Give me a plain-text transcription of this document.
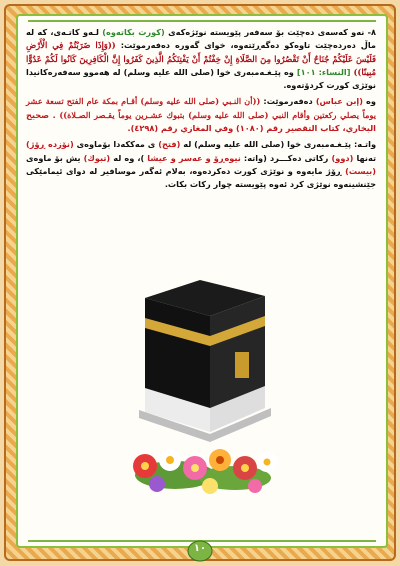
٨- نەو كەسەى دەچێت بۆ سەفەر پێویستە نوێژەكەى (كورت بكاتەوە) لـەو كاتـەى، كە لە ماڵ دەردەچێت تاوەكو دەگەڕێتەوە، خواى گەورە دەفەرموێت: ((وَإِذَا ضَرَبْتُمْ فِي الْأَرْضِ فَلَيْسَ عَلَيْكُمْ جُنَاحٌ أَنْ تَقْصُرُوا مِنَ الصَّلَاةِ إِنْ خِفْتُمْ أَنْ يَفْتِنَكُمُ الَّذِينَ كَفَرُوا إِنَّ الْكَافِرِينَ كَانُوا لَكُمْ عَدُوًّا مُبِينًا)) [النساء: ١٠١] وە پێـغـەمبەرى خوا (صلى الله عليه وسلم) لە هەموو سەفەرەكانیدا نوێژى كورت كردۆتەوە.

وە (إبن عباس) دەفەرموێت: ((أن النـبي (صلى الله عليه وسلم) أقـام بمكة عام الفتح تسعة عشر يوماً يصلي ركعتين وأقام النبي (صلى الله عليه وسلم) بتبوك عشـرين يوماً يقـصر الصـلاة)) . صحيح البخاري، كتاب التقصير رقم (١٠٨٠) وفي المغازي رقم (٤٢٩٨).

واتـە: پێـغـەمبەرى خوا (صلى الله عليه وسلم) لە (فتح) ى مەككەدا بۆماوەى (نۆزدە ڕۆژ) تەنها (دوو) ركاتى دەكـــرد (واتە: نیوەڕۆ و عەسر و عیشا )، وە لە (تبوك) یش بۆ ماوەى (بیست) ڕۆژ مایەوە و نوێژى كورت دەكردەوە، بەلام ئەگەر موسافیر لە دواى ئیمامێكى جێنشینەوە نوێژى كرد ئەوە پێویستە چوار ركات بكات.

١٠
